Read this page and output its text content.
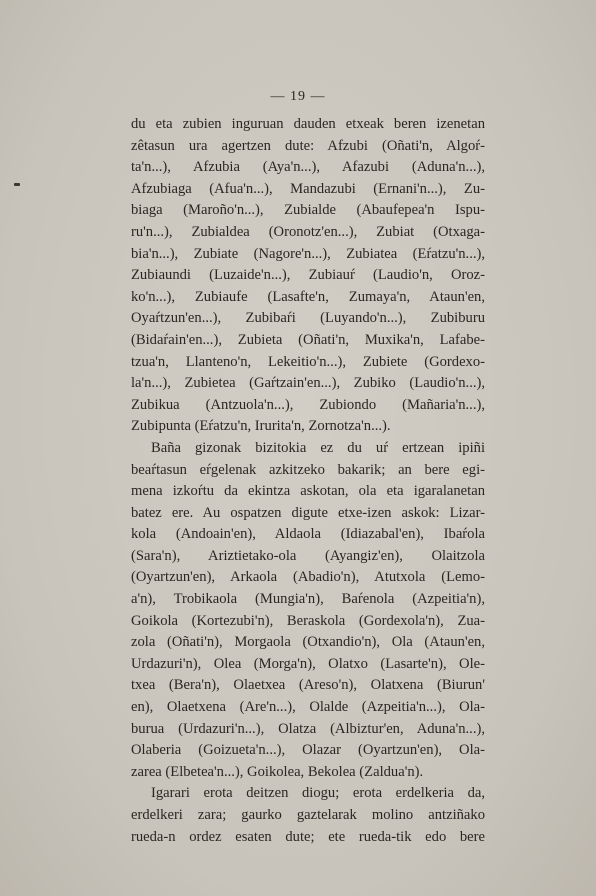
— 19 —
du eta zubien inguruan dauden etxeak beren izenetan
zêtasun ura agertzen dute: Afzubi (Oñati'n, Algoŕ-
ta'n...), Afzubia (Aya'n...), Afazubi (Aduna'n...),
Afzubiaga (Afua'n...), Mandazubi (Ernani'n...), Zu-
biaga (Maroño'n...), Zubialde (Abaufepea'n Ispu-
ru'n...), Zubialdea (Oronotz'en...), Zubiat (Otxaga-
bia'n...), Zubiate (Nagore'n...), Zubiatea (Eŕatzu'n...),
Zubiaundi (Luzaide'n...), Zubiauŕ (Laudio'n, Oroz-
ko'n...), Zubiaufe (Lasafte'n, Zumaya'n, Ataun'en,
Oyaŕtzun'en...), Zubibaŕi (Luyando'n...), Zubiburu
(Bidaŕain'en...), Zubieta (Oñati'n, Muxika'n, Lafabe-
tzua'n, Llanteno'n, Lekeitio'n...), Zubiete (Gordexo-
la'n...), Zubietea (Gaŕtzain'en...), Zubiko (Laudio'n...),
Zubikua (Antzuola'n...), Zubiondo (Mañaria'n...),
Zubipunta (Eŕatzu'n, Irurita'n, Zornotza'n...).
Baña gizonak bizitokia ez du uŕ ertzean ipiñi
beaŕtasun eŕgelenak azkitzeko bakarik; an bere egi-
mena izkoŕtu da ekintza askotan, ola eta igaralanetan
batez ere. Au ospatzen digute etxe-izen askok: Lizar-
kola (Andoain'en), Aldaola (Idiazabal'en), Ibaŕola
(Sara'n), Ariztietako-ola (Ayangiz'en), Olaitzola
(Oyartzun'en), Arkaola (Abadio'n), Atutxola (Lemo-
a'n), Trobikaola (Mungia'n), Baŕenola (Azpeitia'n),
Goikola (Kortezubi'n), Beraskola (Gordexola'n), Zua-
zola (Oñati'n), Morgaola (Otxandio'n), Ola (Ataun'en,
Urdazuri'n), Olea (Morga'n), Olatxo (Lasarte'n), Ole-
txea (Bera'n), Olaetxea (Areso'n), Olatxena (Biurun'
en), Olaetxena (Are'n...), Olalde (Azpeitia'n...), Ola-
burua (Urdazuri'n...), Olatza (Albiztur'en, Aduna'n...),
Olaberia (Goizueta'n...), Olazar (Oyartzun'en), Ola-
zarea (Elbetea'n...), Goikolea, Bekolea (Zaldua'n).
Igarari erota deitzen diogu; erota erdelkeria da,
erdelkeri zara; gaurko gaztelarak molino antziñako
rueda-n ordez esaten dute; ete rueda-tik edo bere
